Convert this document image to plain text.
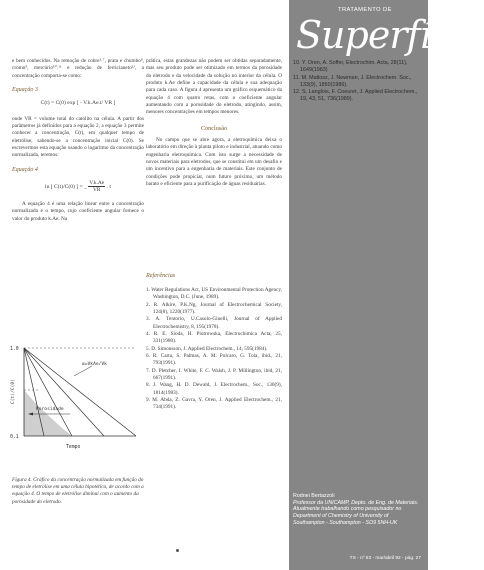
e bem conhecidos. Na remoção de cobre¹˒⁷, prata e chumbo⁸, cromo⁹, mercúrio¹⁰˒¹¹ e redução de ferricianeto¹², a concentração comporta-se como:

Equação 3
C(t) = C(0) exp [ - V.k.Ae.t/ VR ]

onde VR = volume total do católito na célula. A partir dos parâmetros já definidos para a equação 2, a equação 3 permite conhecer a concentração, C(t), em qualquer tempo de eletrólise, sabendo-se a concentração inicial C(0). Se escrevermos esta equação usando o logaritmo da concentração normalizada, teremos:

Equação 4
ln [ C(t)/C(0) ] = _ $\frac{V.k.Ae}{VR}$ . t

A equação 4 é uma relação linear entre a concentração normalizada e o tempo, cujo coeficiente angular fornece o valor do produto k.Ae. Na

prática, estas grandezas não podem ser obtidas separadamente, mas seu produto pode ser otimizado em termos da porosidade do eletrodo e da velocidade da solução no interior da célula. O produto k.Ae define a capacidade da célula e sua adequação para cada caso. A figura 4 apresenta um gráfico esquemático da equação 4 com quatro retas, com o coeficiente angular aumentando com a porosidade do eletrodo, atingindo, assim, menores concentrações em tempos menores.

Conclusão

No campo que se abre agora, a eletroquímica deixa o laboratório em direção à planta piloto e industrial, atuando como engenharia eletroquímica. Com isto surge a necessidade de novos materiais para eletrodos, que se constitui em um desafio e um incentivo para a engenharia de materiais. Este conjunto de condições pode propiciar, num futuro próximo, um método barato e eficiente para a purificação de águas residuárias.

Referências

1. Water Regulations Act, US Environmental Protection Agency, Washington, D.C. (June, 1989).

2. R. Alkire, P.K.Ng, Journal of Electrochemical Society, 124(8), 1220(1977).

3. A. Tentorio, U.Casolo-Ginelli, Journal of Applied Electrochemistry, 8, 195(1978).

4. R. E. Sioda, H. Piotrowska, Electrochimica Acta, 25, 331(1980).

5. D. Simonsson, J. Applied Electrochem., 14, 595(1984).

6. R. Carta, S. Palmas, A. M. Polcaro, G. Tola, ibid., 21, 793(1991).

7. D. Pletcher, I. White, F. C. Walsh, J. P. Millington, ibid, 21, 667(1991).

8. J. Wang, H. D. Dewald, J. Electrochem., Soc., 130(9), 1814(1983).

9. M. Abda, Z. Gavra, Y. Oren, J. Applied Electrochem., 21, 734(1991).

α=VkAe/Vk
Porosidade
1.0
0.1
C(t)/C(0)
Tempo
Figura 4. Gráfico da concentração normalizada em função do tempo de eletrólise em uma célula hipotética, de acordo com a equação 4. O tempo de eletrólise diminui com o aumento da porosidade do eletrodo.
TRATAMENTO DE
Superfície

10. Y. Oren, A. Soffer, Electrochim. Acta, 28(11), 1649(1983)

11. M. Matlosz, J. Newman, J. Electrochem. Soc., 133(9), 1850(1986).

12. S. Langlois, F. Coeuret, J. Applied Electrochem., 19, 43, 51, 736(1989).

Rodnei Bertazzoli
Professor da UNICAMP, Depto. de Eng. de Materiais. Atualmente trabalhando como pesquisador no Department of Chemistry of University of Southampton - Southampton - SO9 5NH-UK
TS - nº 53 - mar/abril 92 - pág. 27
